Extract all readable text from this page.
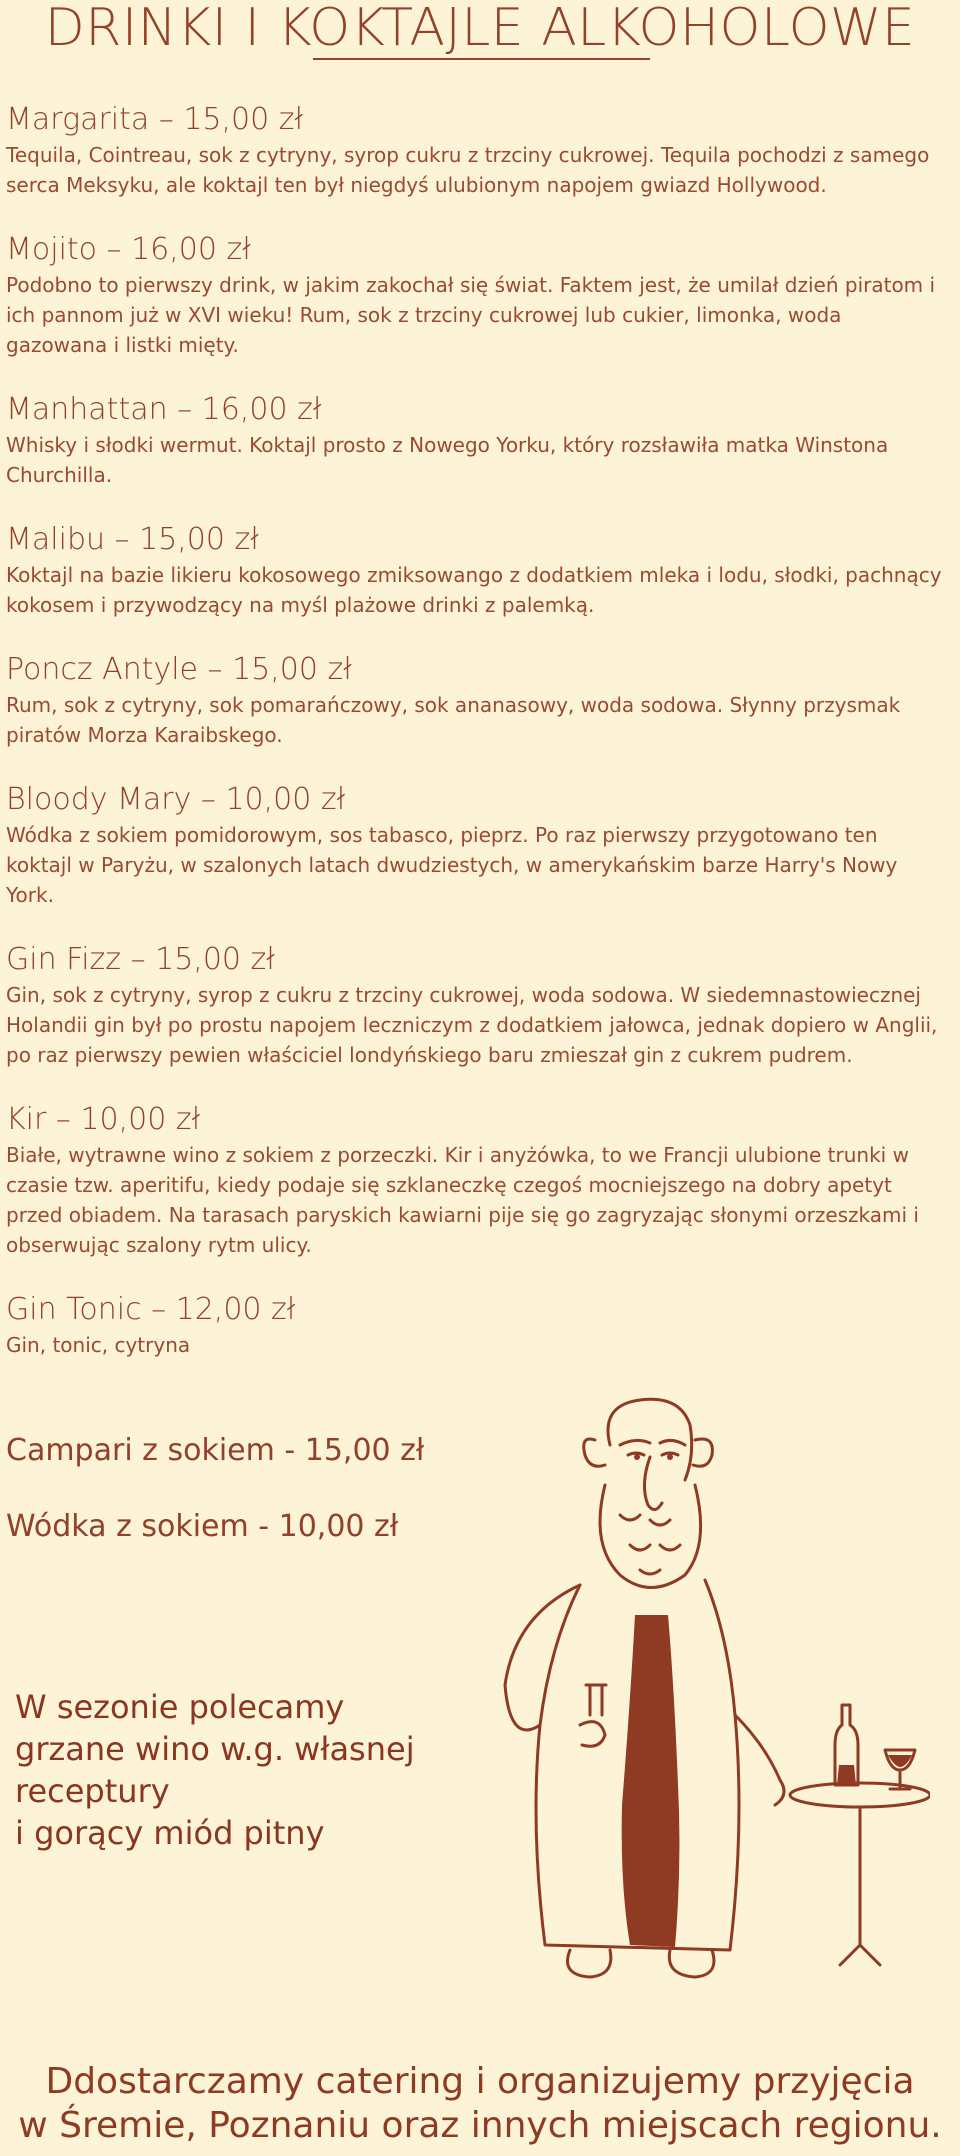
DRINKI I KOKTAJLE ALKOHOLOWE
Margarita – 15,00 zł
Tequila, Cointreau, sok z cytryny, syrop cukru z trzciny cukrowej. Tequila pochodzi z samego serca Meksyku, ale koktajl ten był niegdyś ulubionym napojem gwiazd Hollywood.
Mojito – 16,00 zł
Podobno to pierwszy drink, w jakim zakochał się świat. Faktem jest, że umilał dzień piratom i ich pannom już w XVI wieku! Rum, sok z trzciny cukrowej lub cukier, limonka, woda gazowana i listki mięty.
Manhattan – 16,00 zł
Whisky i słodki wermut. Koktajl prosto z Nowego Yorku, który rozsławiła matka Winstona Churchilla.
Malibu – 15,00 zł
Koktajl na bazie likieru kokosowego zmiksowango z dodatkiem mleka i lodu, słodki, pachnący kokosem i przywodzący na myśl plażowe drinki z palemką.
Poncz Antyle – 15,00 zł
Rum, sok z cytryny, sok pomarańczowy, sok ananasowy, woda sodowa. Słynny przysmak piratów Morza Karaibskego.
Bloody Mary – 10,00 zł
Wódka z sokiem pomidorowym, sos tabasco, pieprz. Po raz pierwszy przygotowano ten koktajl w Paryżu, w szalonych latach dwudziestych, w amerykańskim barze Harry's Nowy York.
Gin Fizz – 15,00 zł
Gin, sok z cytryny, syrop z cukru z trzciny cukrowej, woda sodowa. W siedemnastowiecznej Holandii gin był po prostu napojem leczniczym z dodatkiem jałowca, jednak dopiero w Anglii, po raz pierwszy pewien właściciel londyńskiego baru zmieszał gin z cukrem pudrem.
Kir – 10,00 zł
Białe, wytrawne wino z sokiem z porzeczki. Kir i anyżówka, to we Francji ulubione trunki w czasie tzw. aperitifu, kiedy podaje się szklaneczkę czegoś mocniejszego na dobry apetyt przed obiadem. Na tarasach paryskich kawiarni pije się go zagryzając słonymi orzeszkami i obserwując szalony rytm ulicy.
Gin Tonic – 12,00 zł
Gin, tonic, cytryna
Campari z sokiem - 15,00 zł
Wódka z sokiem - 10,00 zł
W sezonie polecamy
grzane wino w.g. własnej
receptury
i gorący miód pitny
Ddostarczamy catering i organizujemy przyjęcia
w Śremie, Poznaniu oraz innych miejscach regionu.
